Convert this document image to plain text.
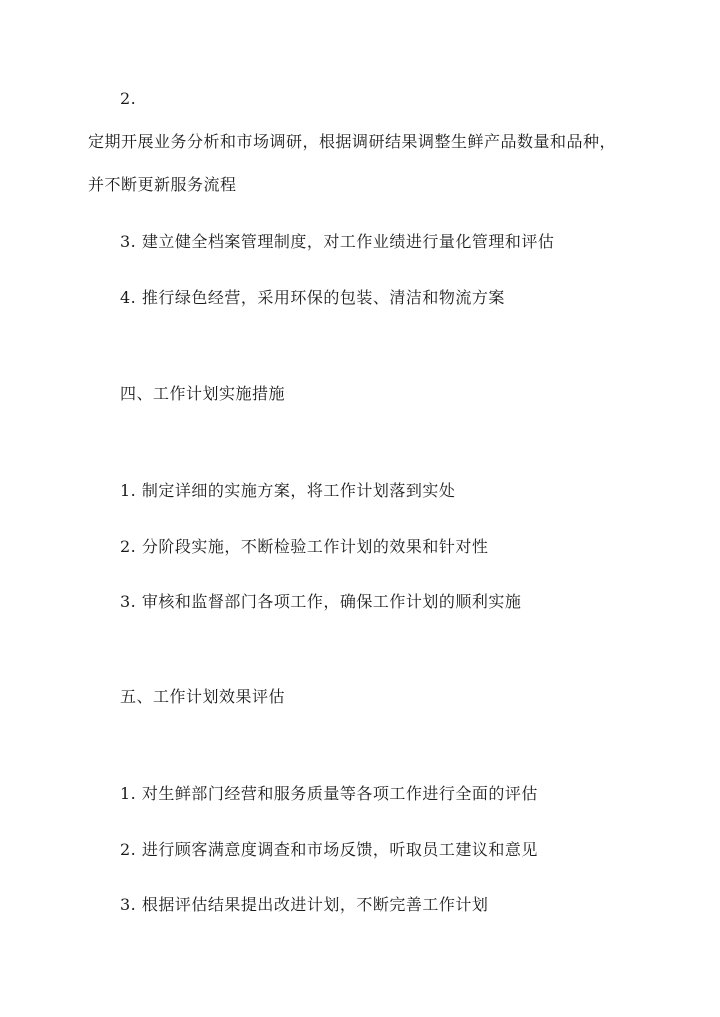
2.
定期开展业务分析和市场调研，根据调研结果调整生鲜产品数量和品种，
并不断更新服务流程
3. 建立健全档案管理制度，对工作业绩进行量化管理和评估
4. 推行绿色经营，采用环保的包装、清洁和物流方案
四、工作计划实施措施
1. 制定详细的实施方案，将工作计划落到实处
2. 分阶段实施，不断检验工作计划的效果和针对性
3. 审核和监督部门各项工作，确保工作计划的顺利实施
五、工作计划效果评估
1. 对生鲜部门经营和服务质量等各项工作进行全面的评估
2. 进行顾客满意度调查和市场反馈，听取员工建议和意见
3. 根据评估结果提出改进计划，不断完善工作计划
